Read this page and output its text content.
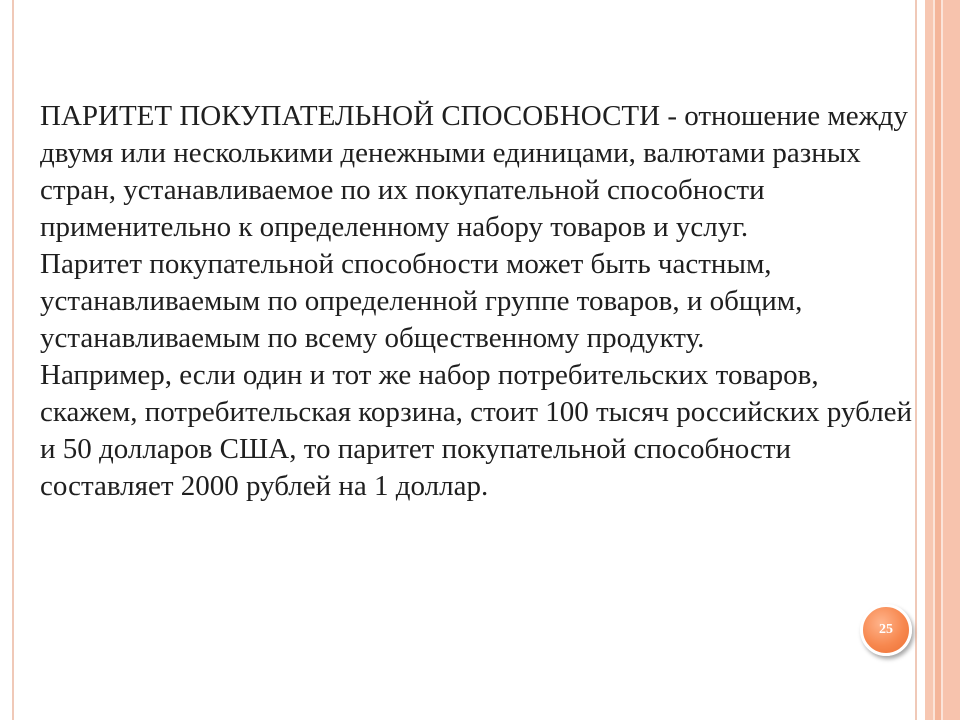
ПАРИТЕТ ПОКУПАТЕЛЬНОЙ СПОСОБНОСТИ - отношение между двумя или несколькими денежными единицами, валютами разных стран, устанавливаемое по их покупательной способности применительно к определенному набору товаров и услуг.

Паритет покупательной способности может быть частным, устанавливаемым по определенной группе товаров, и общим, устанавливаемым по всему общественному продукту.

Например, если один и тот же набор потребительских товаров, скажем, потребительская корзина, стоит 100 тысяч российских рублей и 50 долларов США, то паритет покупательной способности составляет 2000 рублей на 1 доллар.

25
